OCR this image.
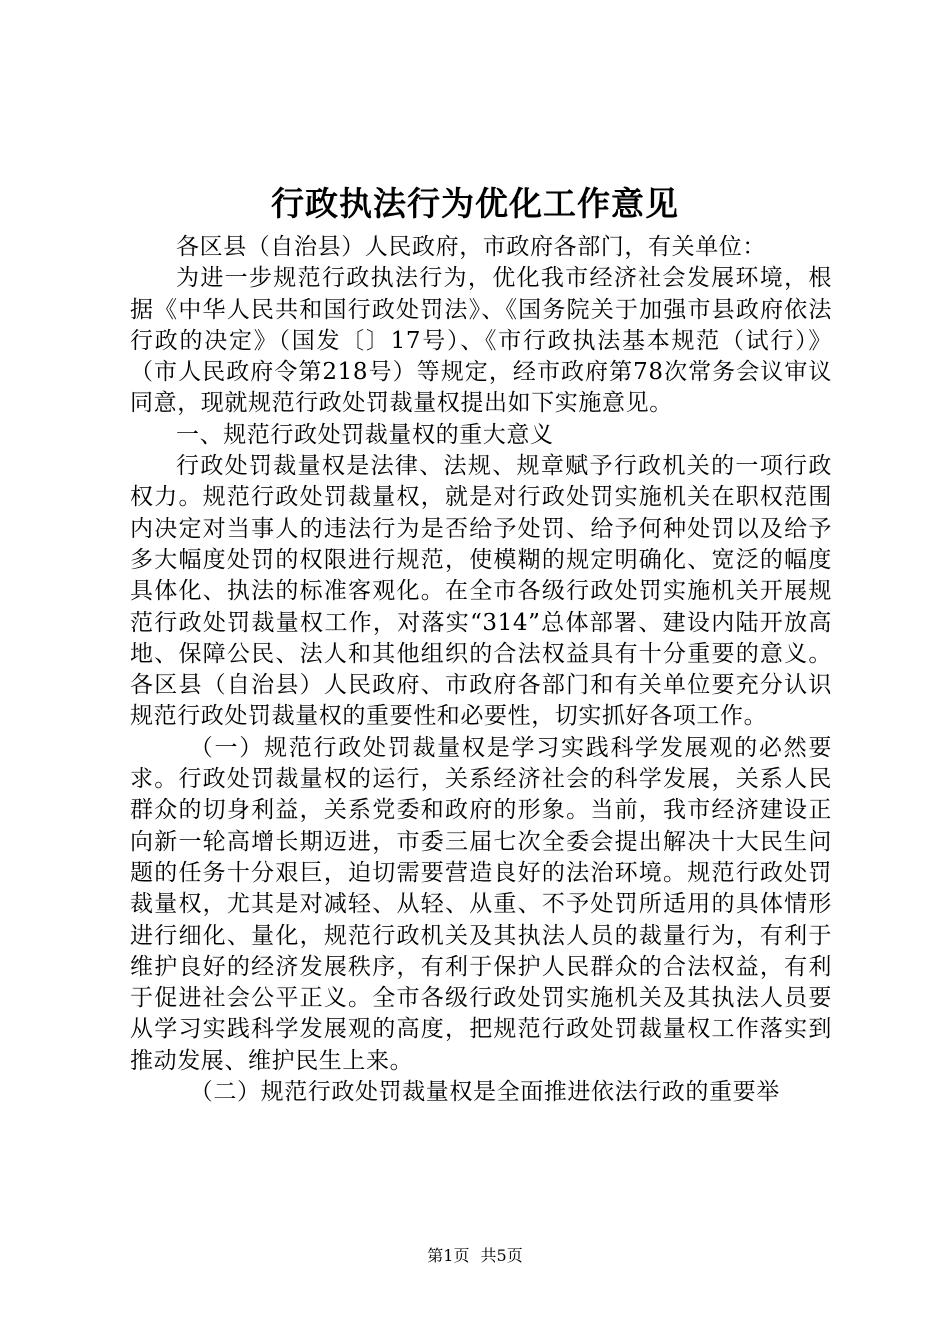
行政执法行为优化工作意见

各区县（自治县）人民政府，市政府各部门，有关单位：

为进一步规范行政执法行为，优化我市经济社会发展环境，根据《中华人民共和国行政处罚法》、《国务院关于加强市县政府依法行政的决定》（国发〔〕17号）、《市行政执法基本规范（试行）》（市人民政府令第218号）等规定，经市政府第78次常务会议审议同意，现就规范行政处罚裁量权提出如下实施意见。

一、规范行政处罚裁量权的重大意义

行政处罚裁量权是法律、法规、规章赋予行政机关的一项行政权力。规范行政处罚裁量权，就是对行政处罚实施机关在职权范围内决定对当事人的违法行为是否给予处罚、给予何种处罚以及给予多大幅度处罚的权限进行规范，使模糊的规定明确化、宽泛的幅度具体化、执法的标准客观化。在全市各级行政处罚实施机关开展规范行政处罚裁量权工作，对落实“314”总体部署、建设内陆开放高地、保障公民、法人和其他组织的合法权益具有十分重要的意义。各区县（自治县）人民政府、市政府各部门和有关单位要充分认识规范行政处罚裁量权的重要性和必要性，切实抓好各项工作。

（一）规范行政处罚裁量权是学习实践科学发展观的必然要求。行政处罚裁量权的运行，关系经济社会的科学发展，关系人民群众的切身利益，关系党委和政府的形象。当前，我市经济建设正向新一轮高增长期迈进，市委三届七次全委会提出解决十大民生问题的任务十分艰巨，迫切需要营造良好的法治环境。规范行政处罚裁量权，尤其是对减轻、从轻、从重、不予处罚所适用的具体情形进行细化、量化，规范行政机关及其执法人员的裁量行为，有利于维护良好的经济发展秩序，有利于保护人民群众的合法权益，有利于促进社会公平正义。全市各级行政处罚实施机关及其执法人员要从学习实践科学发展观的高度，把规范行政处罚裁量权工作落实到推动发展、维护民生上来。

（二）规范行政处罚裁量权是全面推进依法行政的重要举

第1页 共5页
